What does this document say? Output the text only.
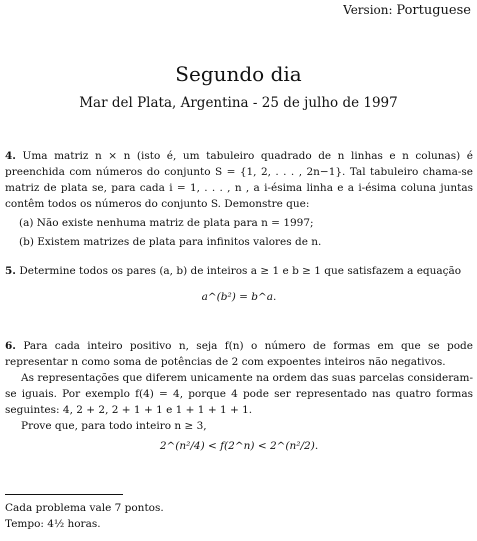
Version: Portuguese
Segundo dia
Mar del Plata, Argentina - 25 de julho de 1997

4. Uma matriz n × n (isto é, um tabuleiro quadrado de n linhas e n colunas) é preenchida com números do conjunto S = {1, 2, . . . , 2n−1}. Tal tabuleiro chama-se matriz de plata se, para cada i = 1, . . . , n , a i-ésima linha e a i-ésima coluna juntas contêm todos os números do conjunto S. Demonstre que:

(a) Não existe nenhuma matriz de plata para n = 1997;

(b) Existem matrizes de plata para infinitos valores de n.

5. Determine todos os pares (a, b) de inteiros a ≥ 1 e b ≥ 1 que satisfazem a equação

a^(b²) = b^a.

6. Para cada inteiro positivo n, seja f(n) o número de formas em que se pode representar n como soma de potências de 2 com expoentes inteiros não negativos.

As representações que diferem unicamente na ordem das suas parcelas consideram-se iguais. Por exemplo f(4) = 4, porque 4 pode ser representado nas quatro formas seguintes: 4, 2 + 2, 2 + 1 + 1 e 1 + 1 + 1 + 1.

Prove que, para todo inteiro n ≥ 3,

2^(n²/4) < f(2^n) < 2^(n²/2).
Cada problema vale 7 pontos.
Tempo: 4½ horas.
